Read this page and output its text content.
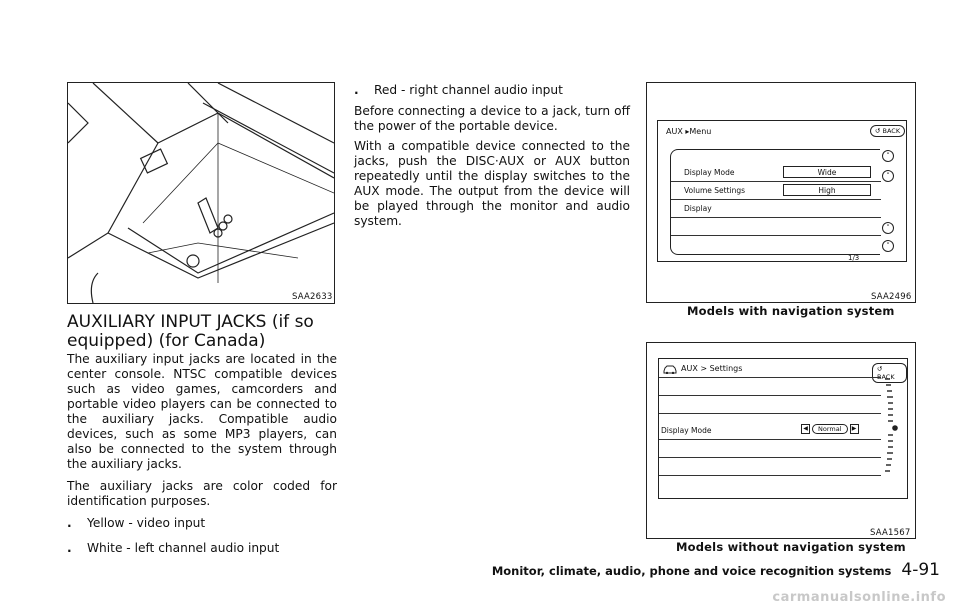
SAA2633
AUXILIARY INPUT JACKS (if so equipped) (for Canada)
The auxiliary input jacks are located in the center console. NTSC compatible devices such as video games, camcorders and portable video players can be connected to the auxiliary jacks. Compatible audio devices, such as some MP3 players, can also be connected to the system through the auxiliary jacks.
The auxiliary jacks are color coded for identification purposes.
. Yellow - video input
. White - left channel audio input
. Red - right channel audio input
Before connecting a device to a jack, turn off the power of the portable device.
With a compatible device connected to the jacks, push the DISC·AUX or AUX button repeatedly until the display switches to the AUX mode. The output from the device will be played through the monitor and audio system.
AUX ▸Menu	↺ BACK
Display Mode	Wide
Volume Settings	High
Display
˄
˄
˅
˅
1/3
SAA2496
Models with navigation system
AUX > Settings	↺ BACK
Display Mode	◀	Normal	▶
SAA1567
Models without navigation system
Monitor, climate, audio, phone and voice recognition systems 4-91
carmanualsonline.info
